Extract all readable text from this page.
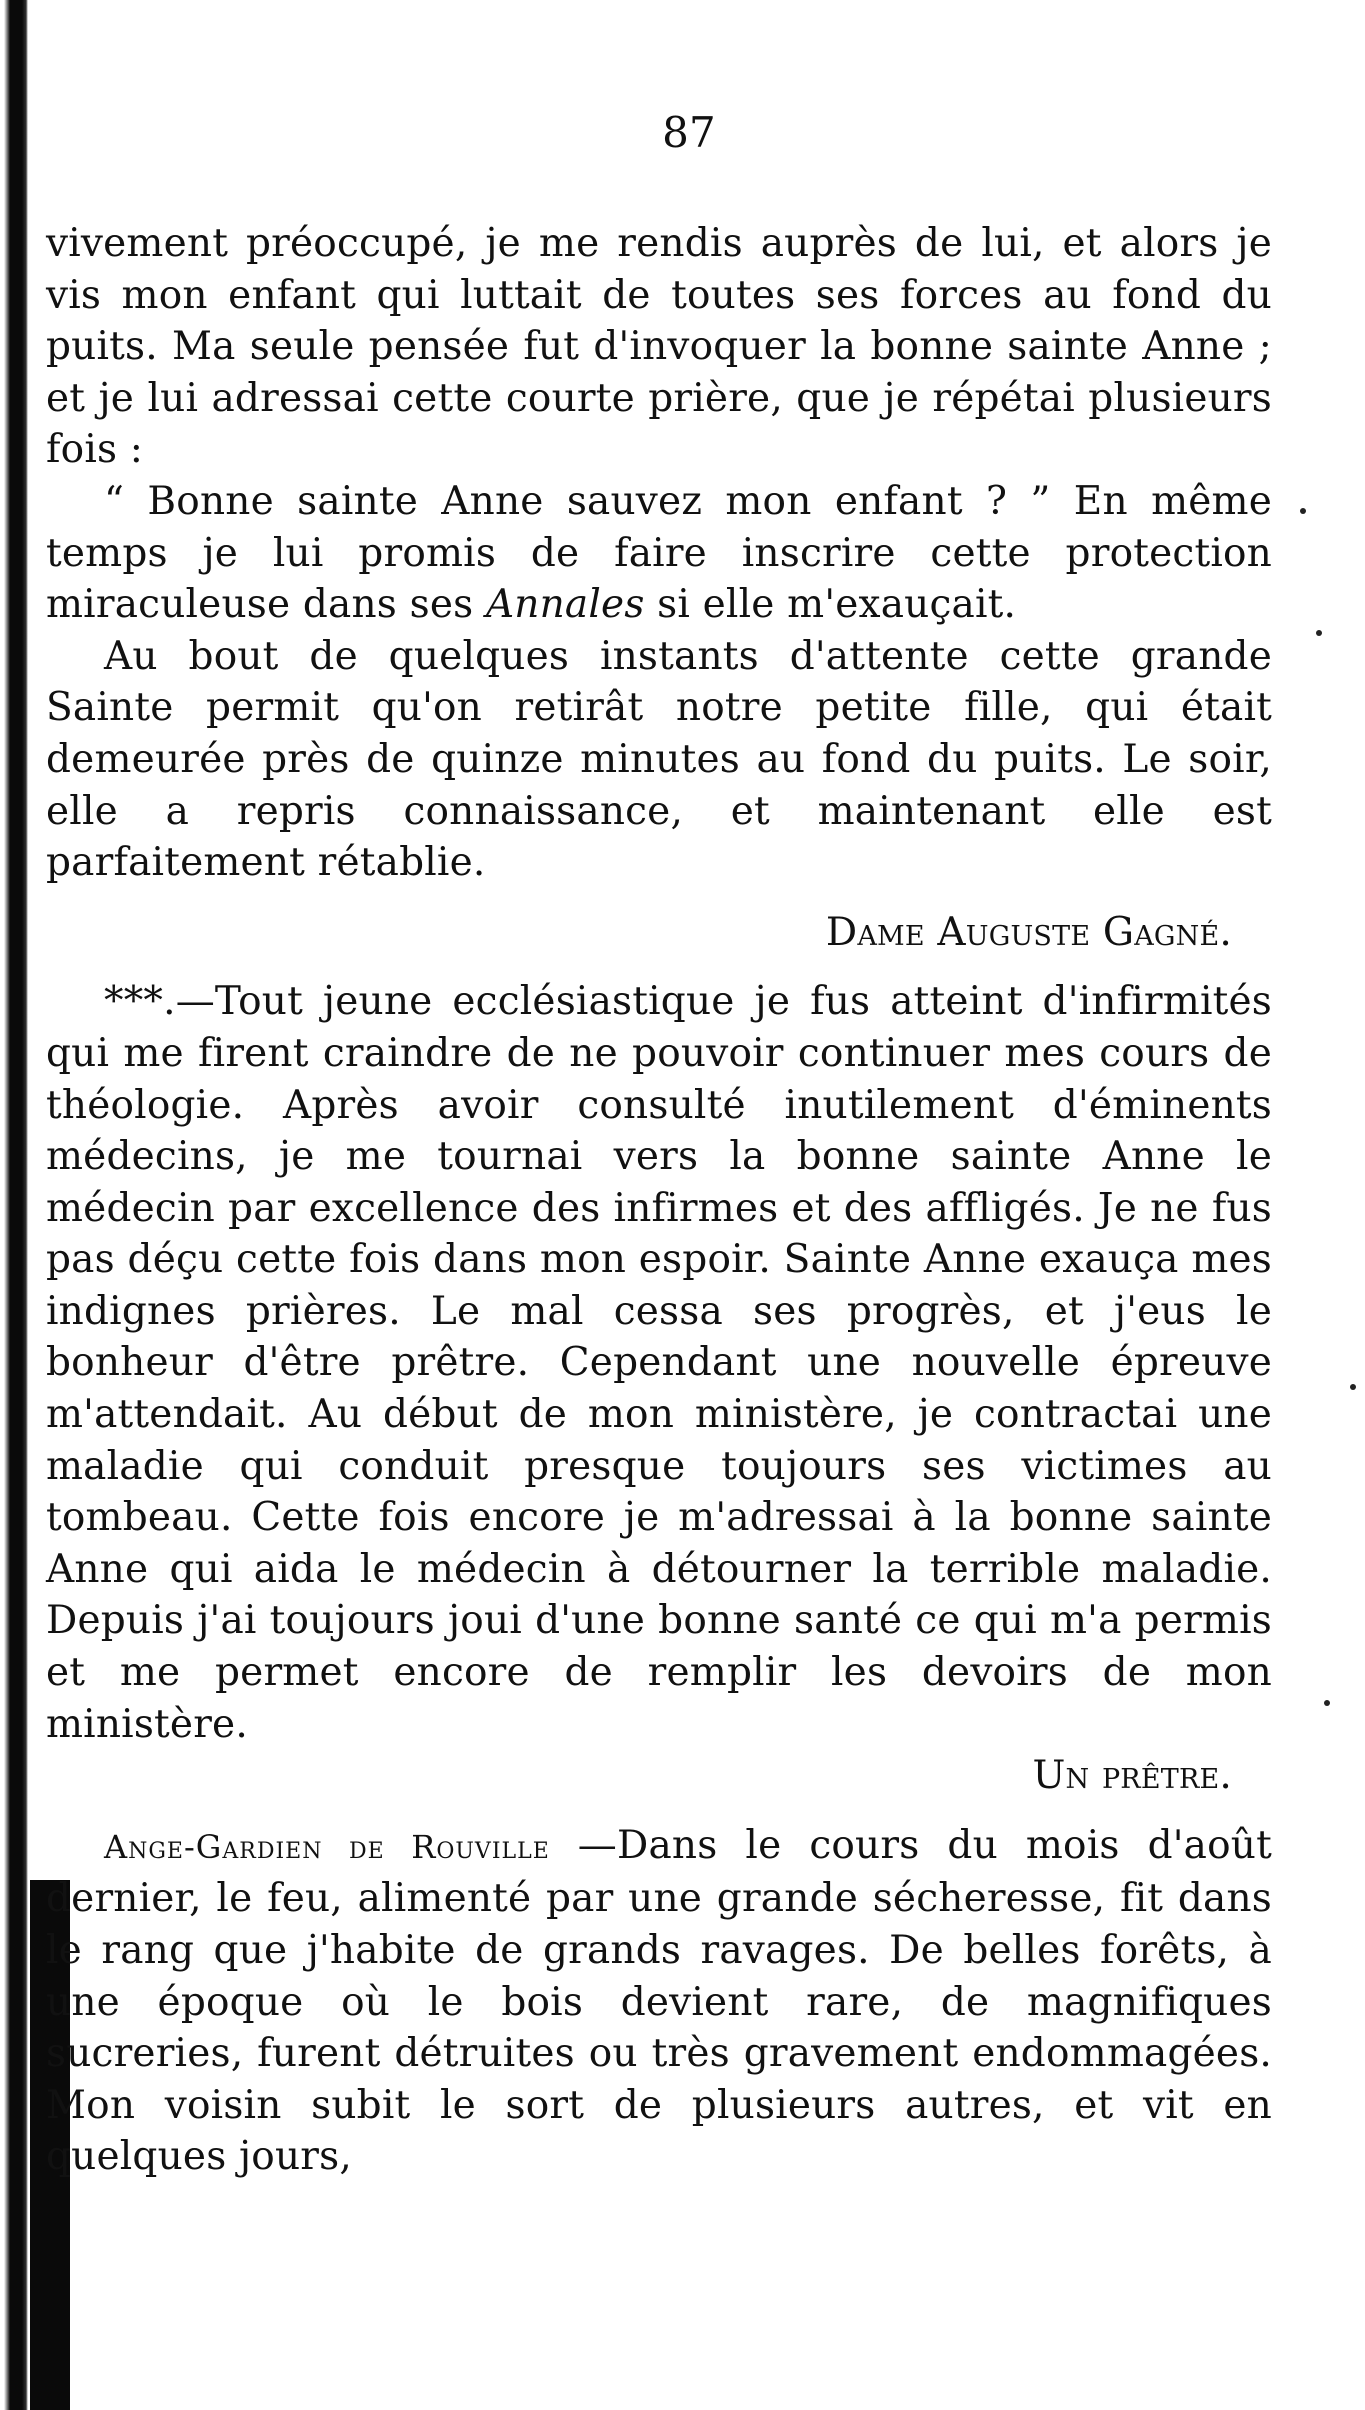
87

vivement préoccupé, je me rendis auprès de lui, et alors je vis mon enfant qui luttait de toutes ses forces au fond du puits. Ma seule pensée fut d'invoquer la bonne sainte Anne ; et je lui adressai cette courte prière, que je répétai plusieurs fois :

“ Bonne sainte Anne sauvez mon enfant ? ” En même temps je lui promis de faire inscrire cette protection miraculeuse dans ses Annales si elle m'exauçait.

Au bout de quelques instants d'attente cette grande Sainte permit qu'on retirât notre petite fille, qui était demeurée près de quinze minutes au fond du puits. Le soir, elle a repris connaissance, et maintenant elle est parfaitement rétablie.

Dame Auguste Gagné.

***.—Tout jeune ecclésiastique je fus atteint d'infirmités qui me firent craindre de ne pouvoir continuer mes cours de théologie. Après avoir consulté inutilement d'éminents médecins, je me tournai vers la bonne sainte Anne le médecin par excellence des infirmes et des affligés. Je ne fus pas déçu cette fois dans mon espoir. Sainte Anne exauça mes indignes prières. Le mal cessa ses progrès, et j'eus le bonheur d'être prêtre. Cependant une nouvelle épreuve m'attendait. Au début de mon ministère, je contractai une maladie qui conduit presque toujours ses victimes au tombeau. Cette fois encore je m'adressai à la bonne sainte Anne qui aida le médecin à détourner la terrible maladie. Depuis j'ai toujours joui d'une bonne santé ce qui m'a permis et me permet encore de remplir les devoirs de mon ministère.

Un prêtre.

Ange-Gardien de Rouville —Dans le cours du mois d'août dernier, le feu, alimenté par une grande sécheresse, fit dans le rang que j'habite de grands ravages. De belles forêts, à une époque où le bois devient rare, de magnifiques sucreries, furent détruites ou très gravement endommagées. Mon voisin subit le sort de plusieurs autres, et vit en quelques jours,
